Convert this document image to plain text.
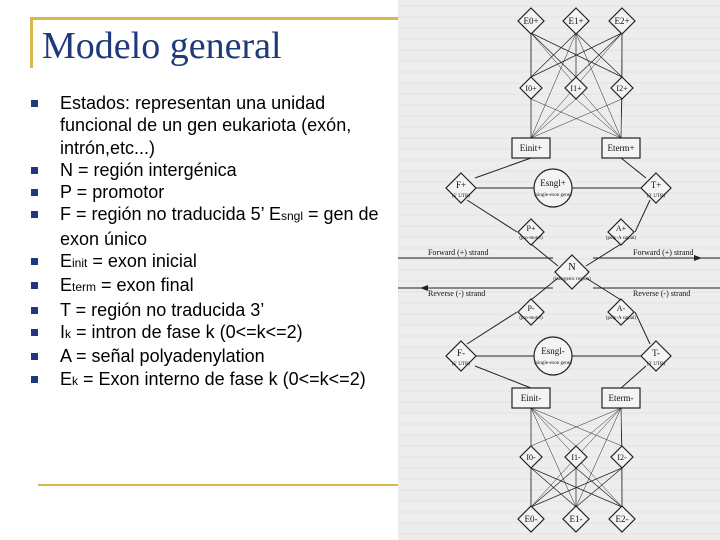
Modelo general
Estados: representan una unidad funcional de un gen eukariota (exón, intrón,etc...)
N = región intergénica
P = promotor
F = región no traducida 5’ Esngl = gen de exon único
Einit = exon inicial
Eterm = exon final
T = región no traducida 3’
Ik = intron de fase k (0<=k<=2)
A = señal polyadenylation
Ek = Exon interno de fase k (0<=k<=2)
Forward (+) strand	Forward (+) strand
Reverse (-) strand	Reverse (-) strand
E0+	E1+	E2+
I0+	I1+	I2+
Einit+	Eterm+
F+
(5' UTR)
Esngl+
(single-exon gene)
T+
(3' UTR)
P+
(pro-moter)
A+
(poly-A signal)
N
(intergenic region)
P-
(pro-moter)
A-
(poly-A signal)
F-
(5' UTR)
Esngl-
(single-exon gene)
T-
(3' UTR)
Einit-	Eterm-
I0-	I1-	I2-
E0-	E1-	E2-
